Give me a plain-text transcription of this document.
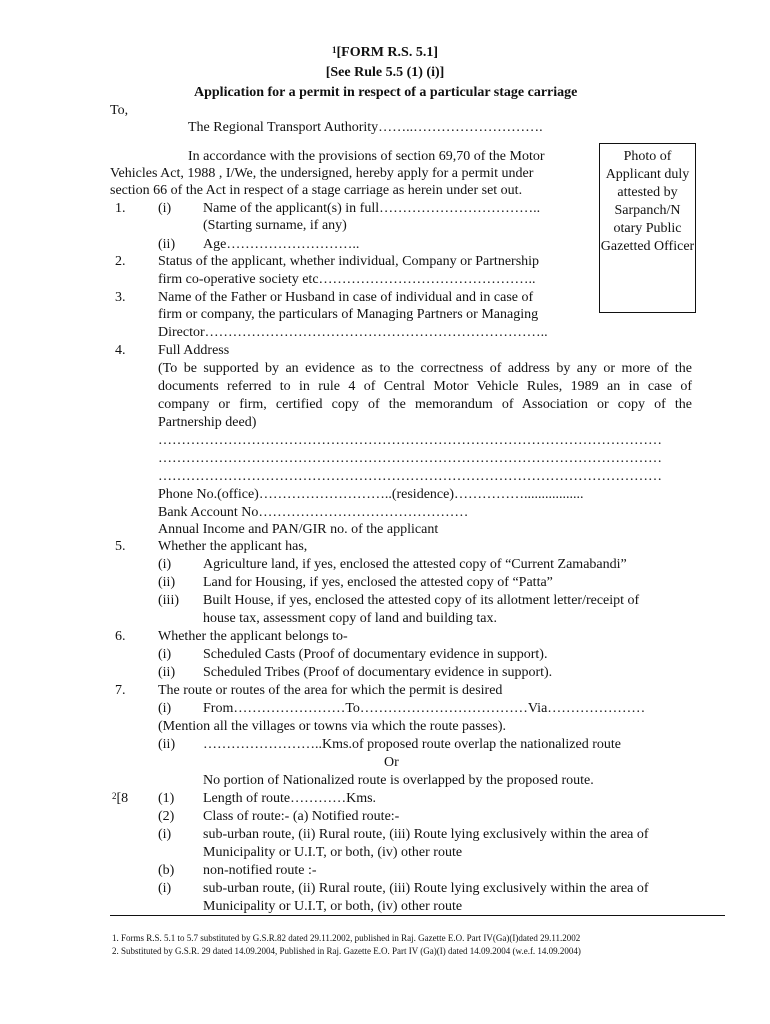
$^1$[FORM R.S. 5.1]
[See Rule 5.5 (1) (i)]
Application for a permit in respect of a particular stage carriage
To,
The Regional Transport Authority……..……………………….
In accordance with the provisions of section 69,70 of the Motor
Vehicles Act, 1988 , I/We, the undersigned, hereby apply for a permit under
section 66 of the Act in respect of a stage carriage as herein under set out.
Photo of Applicant duly attested by Sarpanch/N otary Public Gazetted Officer
1. (i) Name of the applicant(s) in full……………………………..
(Starting surname, if any)
(ii) Age………………………..
2. Status of the applicant, whether individual, Company or Partnership
firm co-operative society etc………………………………………..
3. Name of the Father or Husband in case of individual and in case of
firm or company, the particulars of Managing Partners or Managing
Director………………………………………………………………..
4. Full Address
(To be supported by an evidence as to the correctness of address by any or more of the
documents referred to in rule 4 of Central Motor Vehicle Rules, 1989 an in case of
company or firm, certified copy of the memorandum of Association or copy of the
Partnership deed)
………………………………………………………………………………………………
………………………………………………………………………………………………
………………………………………………………………………………………………
Phone No.(office)………………………..(residence)…………….................
Bank Account No………………………………………
Annual Income and PAN/GIR no. of the applicant
5. Whether the applicant has,
(i) Agriculture land, if yes, enclosed the attested copy of “Current Zamabandi”
(ii) Land for Housing, if yes, enclosed the attested copy of “Patta”
(iii) Built House, if yes, enclosed the attested copy of its allotment letter/receipt of
house tax, assessment copy of land and building tax.
6. Whether the applicant belongs to-
(i) Scheduled Casts (Proof of documentary evidence in support).
(ii) Scheduled Tribes (Proof of documentary evidence in support).
7. The route or routes of the area for which the permit is desired
(i) From……………………To………………………………Via…………………
(Mention all the villages or towns via which the route passes).
(ii) ……………………..Kms.of proposed route overlap the nationalized route
Or
No portion of Nationalized route is overlapped by the proposed route.
$^2$[8 (1) Length of route…………Kms.
(2) Class of route:- (a) Notified route:-
(i) sub-urban route, (ii) Rural route, (iii) Route lying exclusively within the area of
Municipality or U.I.T, or both, (iv) other route
(b) non-notified route :-
(i) sub-urban route, (ii) Rural route, (iii) Route lying exclusively within the area of
Municipality or U.I.T, or both, (iv) other route
1. Forms R.S. 5.1 to 5.7 substituted by G.S.R.82 dated 29.11.2002, published in Raj. Gazette E.O. Part IV(Ga)(I)dated 29.11.2002
2. Substituted by G.S.R. 29 dated 14.09.2004, Published in Raj. Gazette E.O. Part IV (Ga)(I) dated 14.09.2004 (w.e.f. 14.09.2004)
